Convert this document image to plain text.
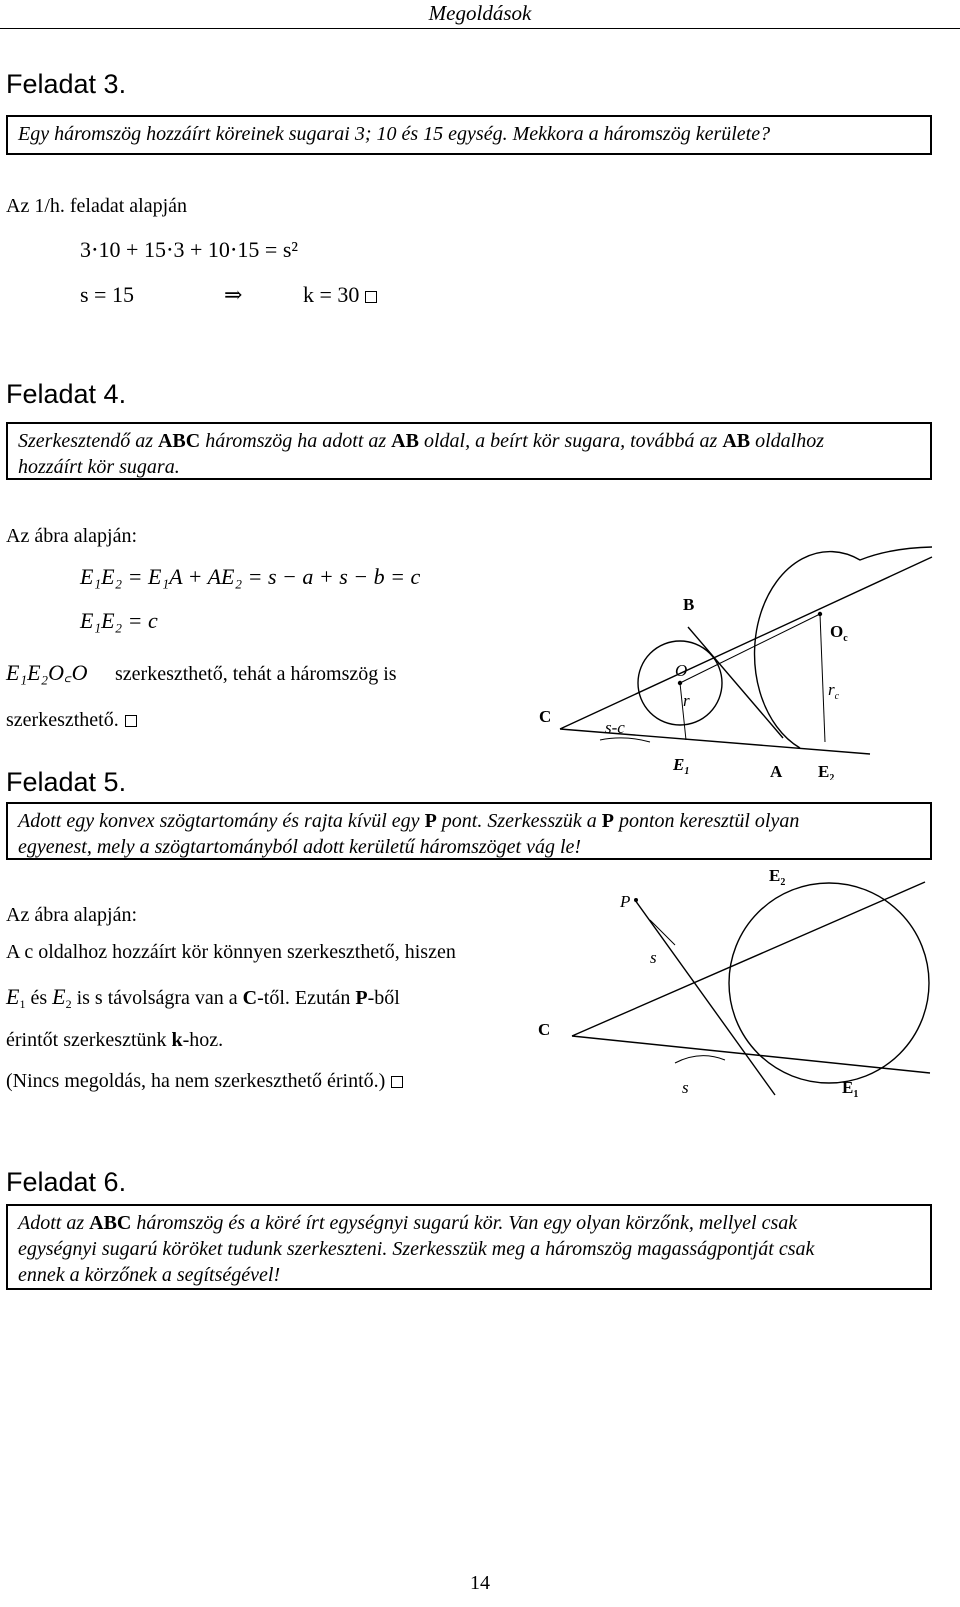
Megoldások
Feladat 3.
Egy háromszög hozzáírt köreinek sugarai 3; 10 és 15 egység. Mekkora a háromszög kerülete?
Az 1/h. feladat alapján
3⋅10 + 15⋅3 + 10⋅15 = s²
s = 15	⇒	k = 30
Feladat 4.
Szerkesztendő az ABC háromszög ha adott az AB oldal, a beírt kör sugara, továbbá az AB oldalhoz
hozzáírt kör sugara.
Az ábra alapján:
E₁E₂ = E₁A + AE₂ = s − a + s − b = c
E₁E₂ = c
E₁E₂O꜀O szerkeszthető, tehát a háromszög is
szerkeszthető.
B
$O_c$
O
r
$r_c$
C
s-c
$E_1$	A $E_2$
Feladat 5.
Adott egy konvex szögtartomány és rajta kívül egy P pont. Szerkesszük a P ponton keresztül olyan
egyenest, mely a szögtartományból adott kerületű háromszöget vág le!
Az ábra alapján:
A c oldalhoz hozzáírt kör könnyen szerkeszthető, hiszen
$E_1$ és $E_2$ is s távolságra van a C-től. Ezután P-ből
érintőt szerkesztünk k-hoz.
(Nincs megoldás, ha nem szerkeszthető érintő.)
$E_2$
P
s
C
s	$E_1$
Feladat 6.
Adott az ABC háromszög és a köré írt egységnyi sugarú kör. Van egy olyan körzőnk, mellyel csak
egységnyi sugarú köröket tudunk szerkeszteni. Szerkesszük meg a háromszög magasságpontját csak
ennek a körzőnek a segítségével!
14
